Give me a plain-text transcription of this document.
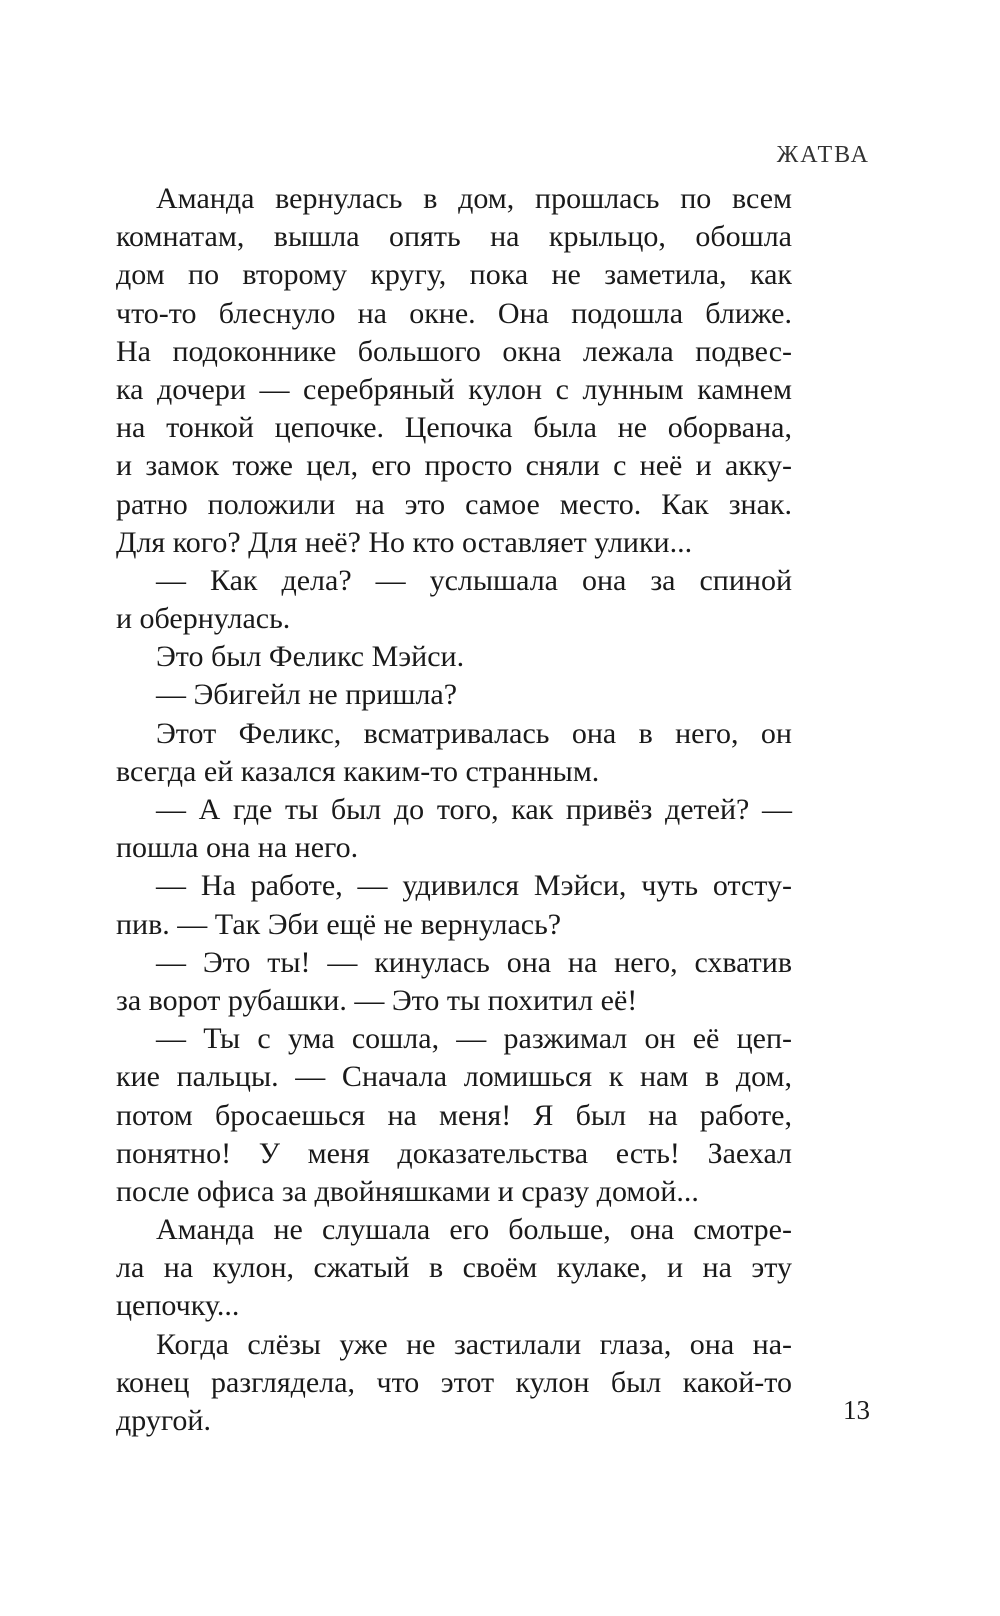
ЖАТВА
Аманда вернулась в дом, прошлась по всем
комнатам, вышла опять на крыльцо, обошла
дом по второму кругу, пока не заметила, как
что-то блеснуло на окне. Она подошла ближе.
На подоконнике большого окна лежала подвес-
ка дочери — серебряный кулон с лунным камнем
на тонкой цепочке. Цепочка была не оборвана,
и замок тоже цел, его просто сняли с неё и акку-
ратно положили на это самое место. Как знак.
Для кого? Для неё? Но кто оставляет улики...
— Как дела? — услышала она за спиной
и обернулась.
Это был Феликс Мэйси.
— Эбигейл не пришла?
Этот Феликс, всматривалась она в него, он
всегда ей казался каким-то странным.
— А где ты был до того, как привёз детей? —
пошла она на него.
— На работе, — удивился Мэйси, чуть отсту-
пив. — Так Эби ещё не вернулась?
— Это ты! — кинулась она на него, схватив
за ворот рубашки. — Это ты похитил её!
— Ты с ума сошла, — разжимал он её цеп-
кие пальцы. — Сначала ломишься к нам в дом,
потом бросаешься на меня! Я был на работе,
понятно! У меня доказательства есть! Заехал
после офиса за двойняшками и сразу домой...
Аманда не слушала его больше, она смотре-
ла на кулон, сжатый в своём кулаке, и на эту
цепочку...
Когда слёзы уже не застилали глаза, она на-
конец разглядела, что этот кулон был какой-то
другой.	13
